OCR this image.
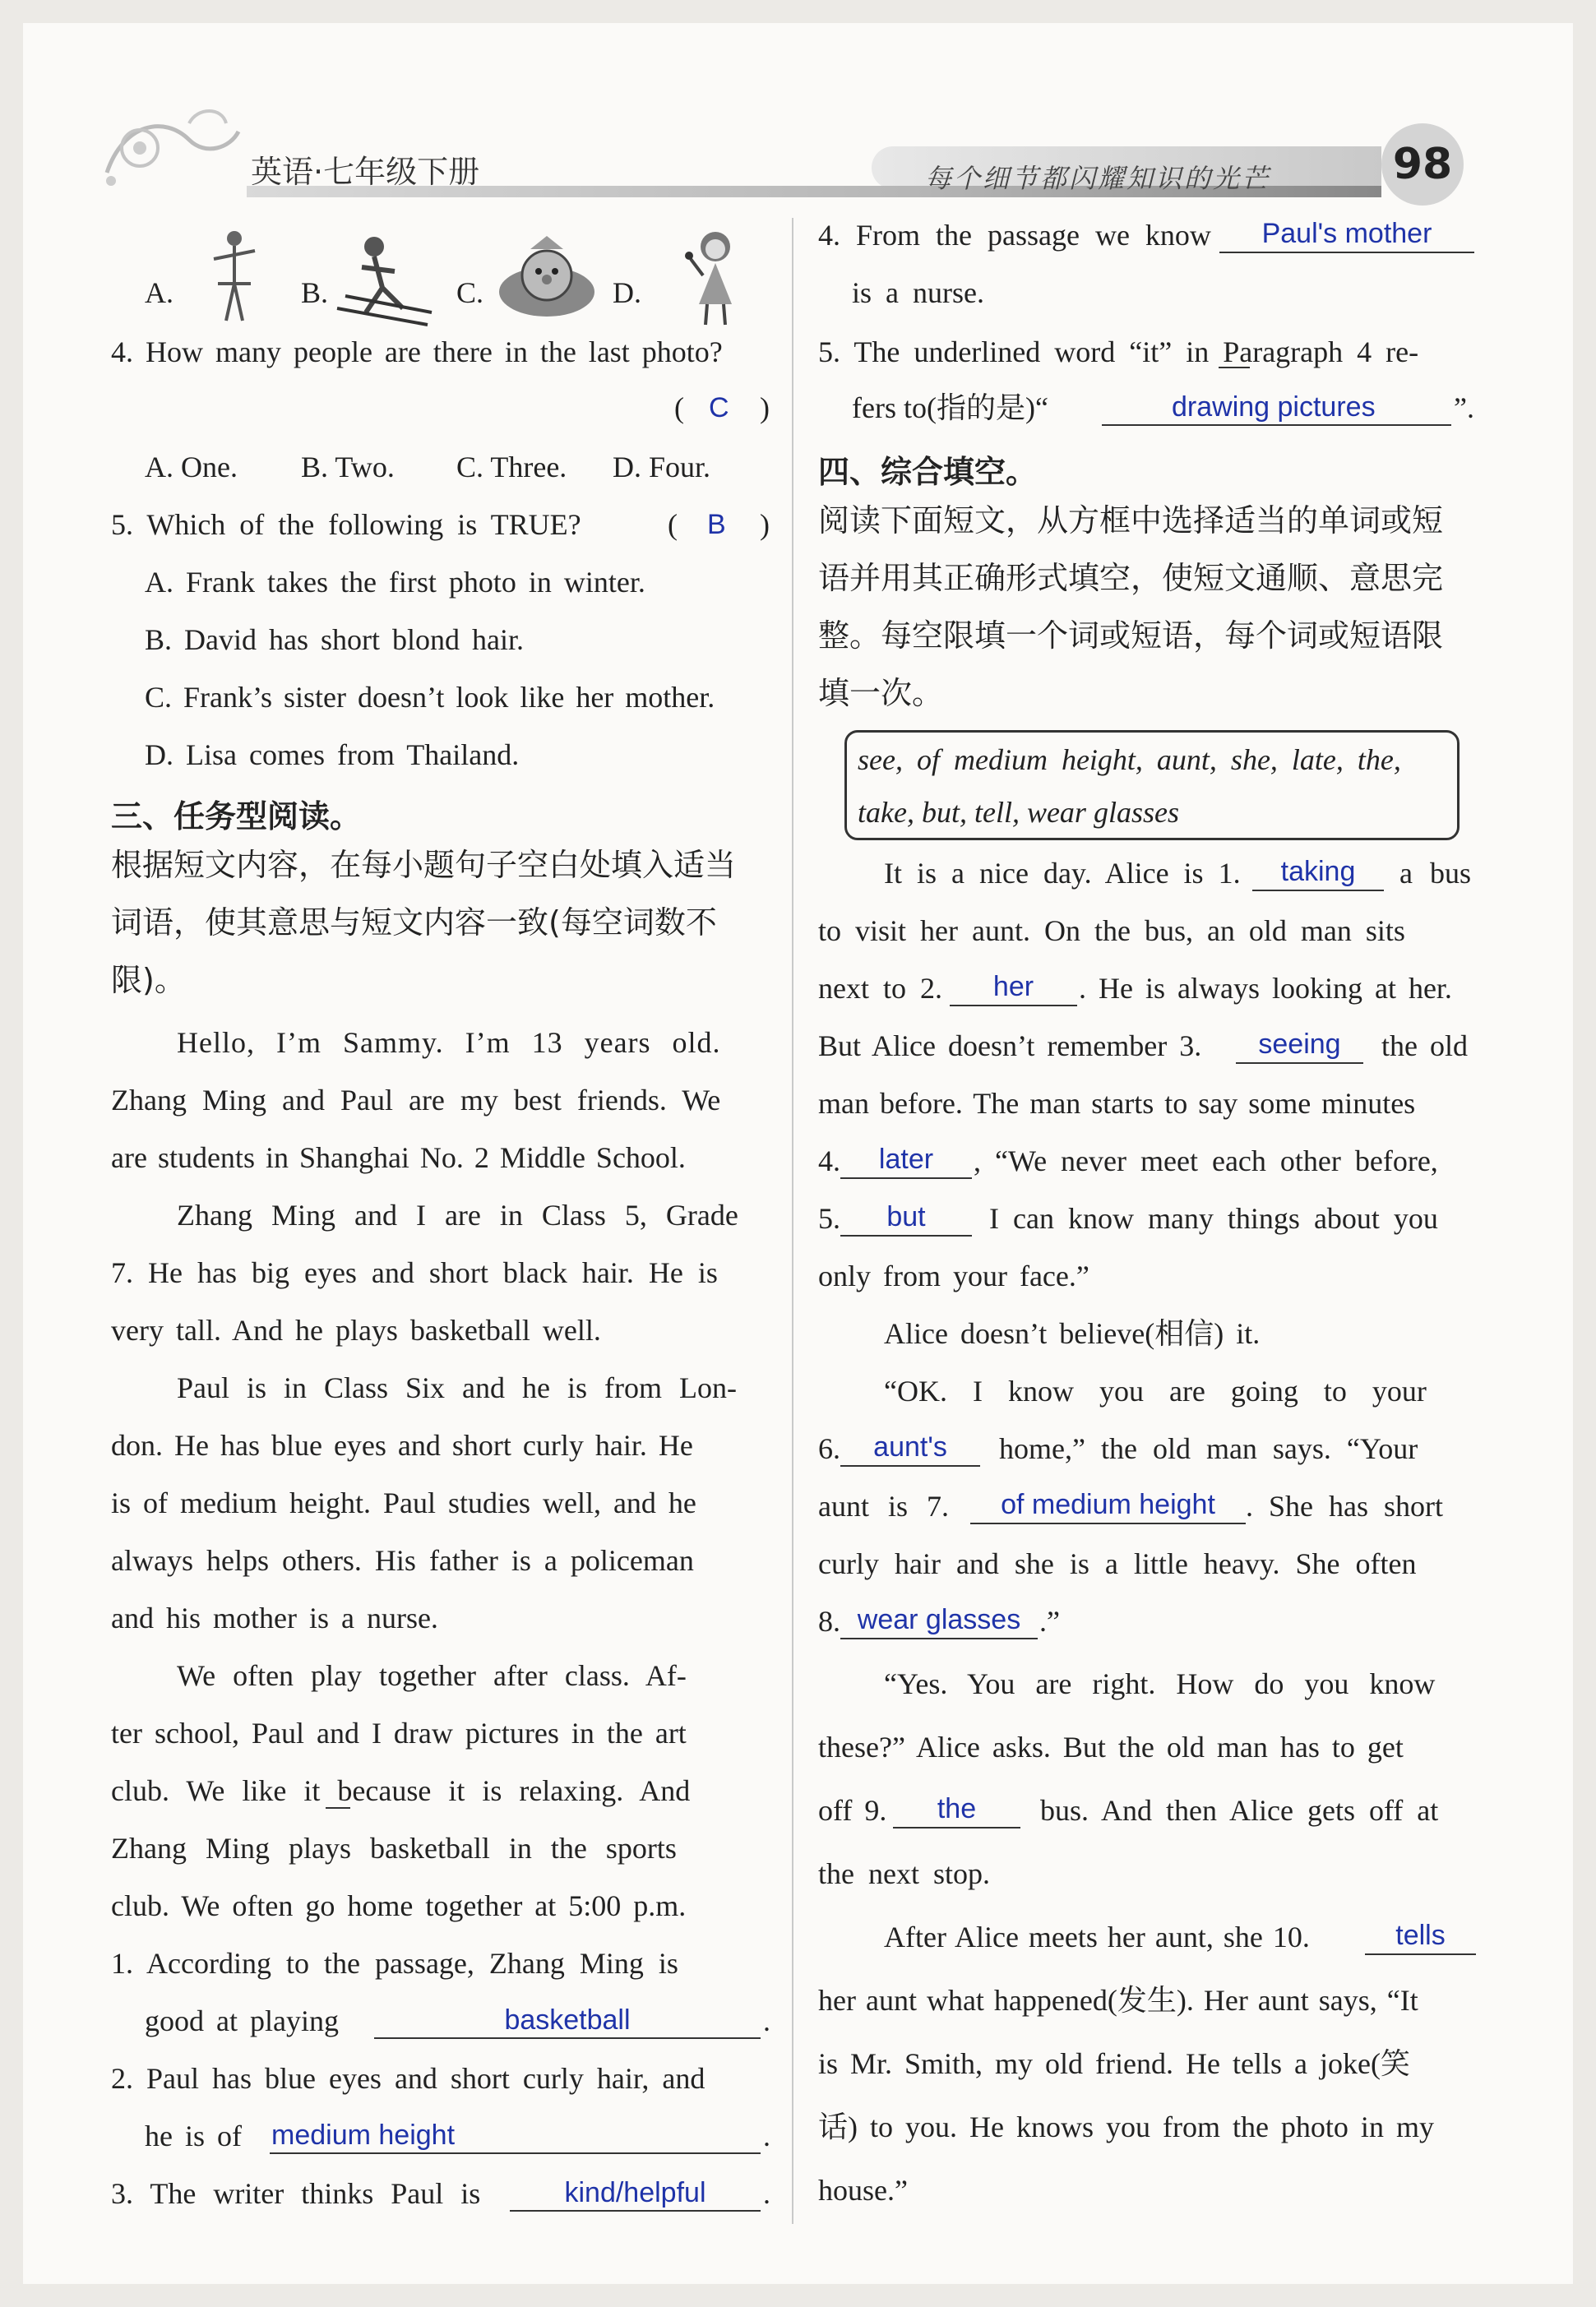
英语·七年级下册	每个细节都闪耀知识的光芒	98
A.	B.	C.	D.
4. How many people are there in the last photo?
( C )
A. One. B. Two. C. Three. D. Four.
5. Which of the following is TRUE?	( B )
A. Frank takes the first photo in winter.
B. David has short blond hair.
C. Frank’s sister doesn’t look like her mother.
D. Lisa comes from Thailand.
三、任务型阅读。
根据短文内容，在每小题句子空白处填入适当
词语，使其意思与短文内容一致(每空词数不
限)。
Hello, I’m Sammy. I’m 13 years old.
Zhang Ming and Paul are my best friends. We
are students in Shanghai No. 2 Middle School.
Zhang Ming and I are in Class 5, Grade
7. He has big eyes and short black hair. He is
very tall. And he plays basketball well.
Paul is in Class Six and he is from Lon-
don. He has blue eyes and short curly hair. He
is of medium height. Paul studies well, and he
always helps others. His father is a policeman
and his mother is a nurse.
We often play together after class. Af-
ter school, Paul and I draw pictures in the art
club. We like it because it is relaxing. And
Zhang Ming plays basketball in the sports
club. We often go home together at 5:00 p.m.
1. According to the passage, Zhang Ming is
good at playing	basketball	.
2. Paul has blue eyes and short curly hair, and
he is of medium height	.
3. The writer thinks Paul is	kind/helpful	.
4. From the passage we know	Paul's mother
is a nurse.
5. The underlined word “it” in Paragraph 4 re-
fers to(指的是)“	drawing pictures	”.
四、综合填空。
阅读下面短文，从方框中选择适当的单词或短
语并用其正确形式填空，使短文通顺、意思完
整。每空限填一个词或短语，每个词或短语限
填一次。
see, of medium height, aunt, she, late, the,
take, but, tell, wear glasses
It is a nice day. Alice is 1.	taking	a bus
to visit her aunt. On the bus, an old man sits
next to 2.	her	. He is always looking at her.
But Alice doesn’t remember 3.	seeing	the old
man before. The man starts to say some minutes
4.	later	, “We never meet each other before,
5.	but	I can know many things about you
only from your face.”
Alice doesn’t believe(相信) it.
“OK. I know you are going to your
6.	aunt's	home,” the old man says. “Your
aunt is 7.	of medium height	. She has short
curly hair and she is a little heavy. She often
8. wear glasses .”
“Yes. You are right. How do you know
these?” Alice asks. But the old man has to get
off 9.	the	bus. And then Alice gets off at
the next stop.
After Alice meets her aunt, she 10.	tells
her aunt what happened(发生). Her aunt says, “It
is Mr. Smith, my old friend. He tells a joke(笑
话) to you. He knows you from the photo in my
house.”
